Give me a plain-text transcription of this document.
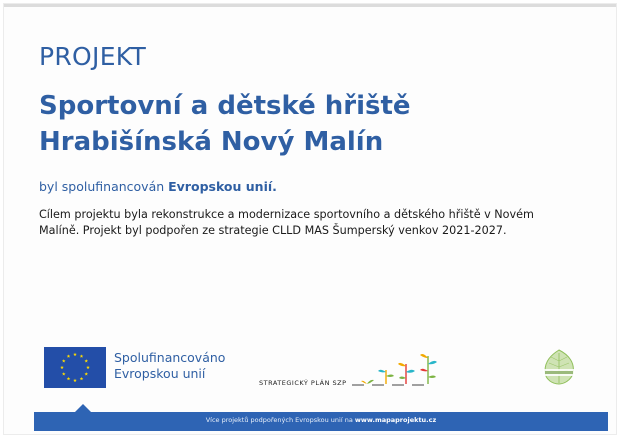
PROJEKT
Sportovní a dětské hřiště
Hrabišínská Nový Malín
byl spolufinancován Evropskou unií.
Cílem projektu byla rekonstrukce a modernizace sportovního a dětského hřiště v Novém
Malíně. Projekt byl podpořen ze strategie CLLD MAS Šumperský venkov 2021-2027.
Spolufinancováno
Evropskou unií
STRATEGICKÝ PLÁN SZP
Více projektů podpořených Evropskou unií na www.mapaprojektu.cz
